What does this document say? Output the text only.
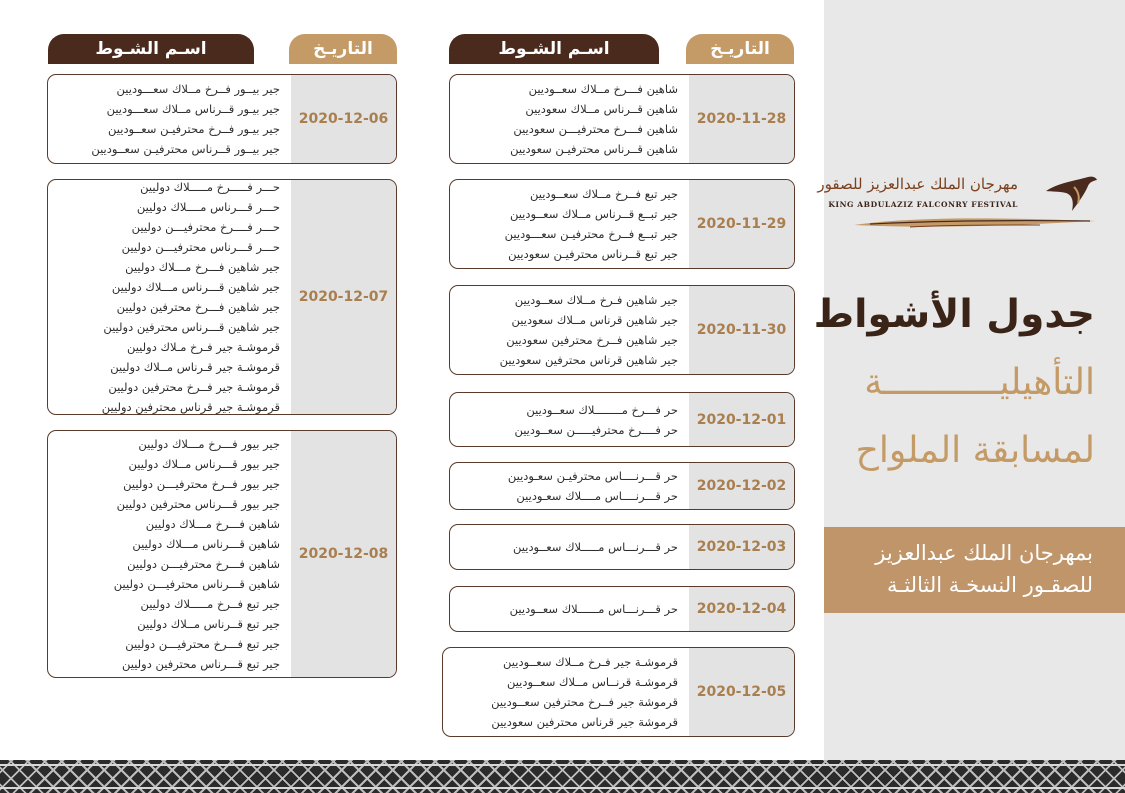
مهرجان الملك عبدالعزيز للصقور
KING ABDULAZIZ FALCONRY FESTIVAL
جدول الأشواط
التأهيليـــــــــــة
لمسابقة الملواح
بمهرجان الملك عبدالعزيز
للصقـور النسخـة الثالثـة
التاريـخ
اسـم الشـوط
التاريـخ
اسـم الشـوط
2020-11-28
شاهين فـــرخ مــلاك سعــوديين
شاهين قــرناس مــلاك سعوديين
شاهين فـــرخ محترفيـــن سعوديين
شاهين قــرناس محترفيـن سعوديين
2020-11-29
جير تبع فــرخ مــلاك سعــوديين
جير تبــع قــرناس مــلاك سعــوديين
جير تبــع فــرخ محترفيـن سعـــوديين
جير تبع قــرناس محترفيـن سعوديين
2020-11-30
جير شاهين فـرخ مــلاك سعــوديين
جير شاهين قرناس مــلاك سعوديين
جير شاهين فــرخ محترفين سعوديين
جير شاهين قرناس محترفين سعوديين
2020-12-01
حر فـــرخ مــــــــلاك سعــوديين
حر فــــرخ محترفيـــــن سعــوديين
2020-12-02
حر قـــرنــــاس محترفيـن سعـوديين
حر قـــرنــــاس مــــلاك سعـوديين
2020-12-03
حر قـــرنـــاس مـــــلاك سعــوديين
2020-12-04
حر قـــرنـــاس مــــــلاك سعــوديين
2020-12-05
قرموشـة جير فـرخ مــلاك سعــوديين
قرموشـة قرنــاس مــلاك سعــوديين
قرموشة جير فــرخ محترفين سعــوديين
قرموشة جير قرناس محترفين سعوديين
2020-12-06
جير بيــور فــرخ مــلاك سعـــوديين
جير بيـور قــرناس مــلاك سعـــوديين
جير بيـور فــرخ محترفيـن سعــوديين
جير بيــور قــرناس محترفيـن سعــوديين
2020-12-07
حـــر فـــــرخ مـــــلاك دوليين
حـــر قـــرناس مــــلاك دوليين
حـــر فــــرخ محترفيـــن دوليين
حـــر قـــرناس محترفيـــن دوليين
جير شاهين فـــرخ مـــلاك دوليين
جير شاهين قـــرناس مـــلاك دوليين
جير شاهين فـــرخ محترفين دوليين
جير شاهين قـــرناس محترفين دوليين
قرموشـة جير فـرخ مـلاك دوليين
قرموشـة جير قـرناس مــلاك دوليين
قرموشـة جير فــرخ محترفين دوليين
قرموشـة جير قرناس محترفين دوليين
2020-12-08
جير بيور فـــرخ مـــلاك دوليين
جير بيور قـــرناس مــلاك دوليين
جير بيور فــرخ محترفيـــن دوليين
جير بيور قـــرناس محترفين دوليين
شاهين فـــرخ مـــلاك دوليين
شاهين قـــرناس مـــلاك دوليين
شاهين فـــرخ محترفيـــن دوليين
شاهين قـــرناس محترفيـــن دوليين
جير تبع فــرخ مـــــلاك دوليين
جير تبع قــرناس مــلاك دوليين
جير تبع فـــرخ محترفيـــن دوليين
جير تبع قـــرناس محترفين دوليين
